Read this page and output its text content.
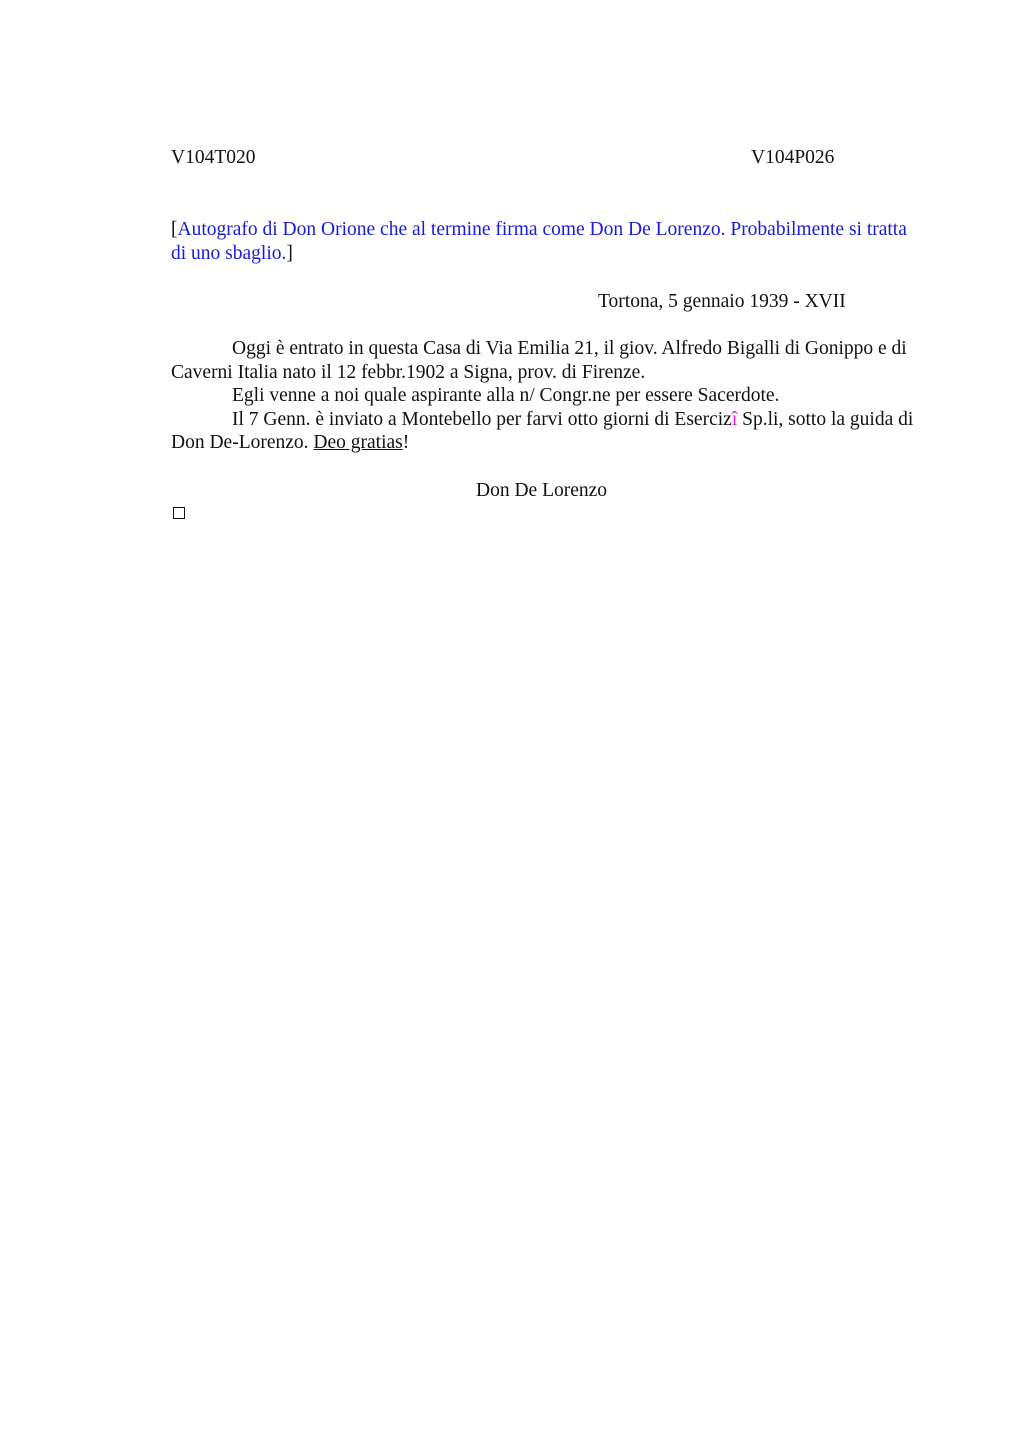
V104T020	V104P026
[Autografo di Don Orione che al termine firma come Don De Lorenzo. Probabilmente si tratta di uno sbaglio.]
Tortona, 5 gennaio 1939 - XVII

Oggi è entrato in questa Casa di Via Emilia 21, il giov. Alfredo Bigalli di Gonippo e di Caverni Italia nato il 12 febbr.1902 a Signa, prov. di Firenze.

Egli venne a noi quale aspirante alla n/ Congr.ne per essere Sacerdote.

Il 7 Genn. è inviato a Montebello per farvi otto giorni di Esercizî Sp.li, sotto la guida di Don De-Lorenzo. Deo gratias!

Don De Lorenzo
